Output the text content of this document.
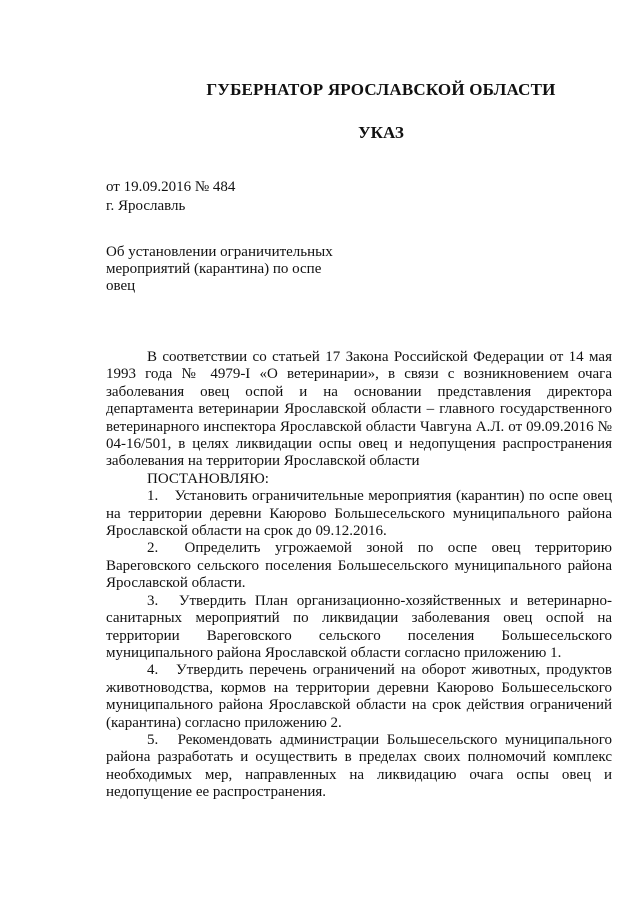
ГУБЕРНАТОР ЯРОСЛАВСКОЙ ОБЛАСТИ
УКАЗ
от 19.09.2016 № 484
г. Ярославль
Об установлении ограничительных
мероприятий (карантина) по оспе
овец

В соответствии со статьей 17 Закона Российской Федерации от 14 мая 1993 года № 4979-I «О ветеринарии», в связи с возникновением очага заболевания овец оспой и на основании представления директора департамента ветеринарии Ярославской области – главного государственного ветеринарного инспектора Ярославской области Чавгуна А.Л. от 09.09.2016 № 04-16/501, в целях ликвидации оспы овец и недопущения распространения заболевания на территории Ярославской области

ПОСТАНОВЛЯЮ:

1. Установить ограничительные мероприятия (карантин) по оспе овец на территории деревни Каюрово Большесельского муниципального района Ярославской области на срок до 09.12.2016.

2. Определить угрожаемой зоной по оспе овец территорию Вареговского сельского поселения Большесельского муниципального района Ярославской области.

3. Утвердить План организационно-хозяйственных и ветеринарно-санитарных мероприятий по ликвидации заболевания овец оспой на территории Вареговского сельского поселения Большесельского муниципального района Ярославской области согласно приложению 1.

4. Утвердить перечень ограничений на оборот животных, продуктов животноводства, кормов на территории деревни Каюрово Большесельского муниципального района Ярославской области на срок действия ограничений (карантина) согласно приложению 2.

5. Рекомендовать администрации Большесельского муниципального района разработать и осуществить в пределах своих полномочий комплекс необходимых мер, направленных на ликвидацию очага оспы овец и недопущение ее распространения.
